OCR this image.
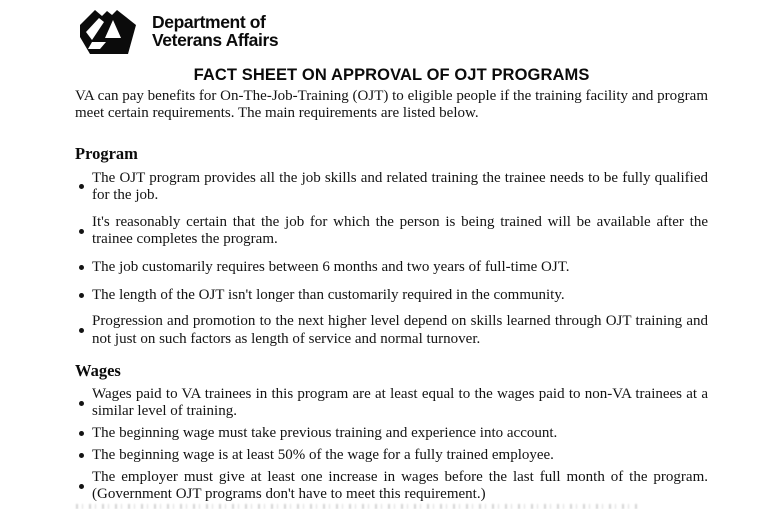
Department of
Veterans Affairs
FACT SHEET ON APPROVAL OF OJT PROGRAMS

VA can pay benefits for On-The-Job-Training (OJT) to eligible people if the training facility and program meet certain requirements. The main requirements are listed below.

Program
The OJT program provides all the job skills and related training the trainee needs to be fully qualified for the job.
It's reasonably certain that the job for which the person is being trained will be available after the trainee completes the program.
The job customarily requires between 6 months and two years of full-time OJT.
The length of the OJT isn't longer than customarily required in the community.
Progression and promotion to the next higher level depend on skills learned through OJT training and not just on such factors as length of service and normal turnover.
Wages
Wages paid to VA trainees in this program are at least equal to the wages paid to non-VA trainees at a similar level of training.
The beginning wage must take previous training and experience into account.
The beginning wage is at least 50% of the wage for a fully trained employee.
The employer must give at least one increase in wages before the last full month of the program. (Government OJT programs don't have to meet this requirement.)
